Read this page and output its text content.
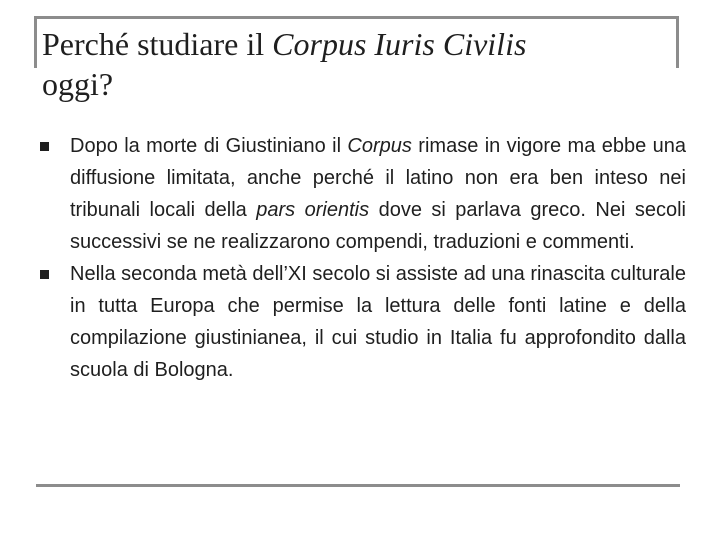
Perché studiare il Corpus Iuris Civilis
oggi?
Dopo la morte di Giustiniano il Corpus rimase in vigore ma ebbe una diffusione limitata, anche perché il latino non era ben inteso nei tribunali locali della pars orientis dove si parlava greco. Nei secoli successivi se ne realizzarono compendi, traduzioni e commenti.
Nella seconda metà dell’XI secolo si assiste ad una rinascita culturale in tutta Europa che permise la lettura delle fonti latine e della compilazione giustinianea, il cui studio in Italia fu approfondito dalla scuola di Bologna.
